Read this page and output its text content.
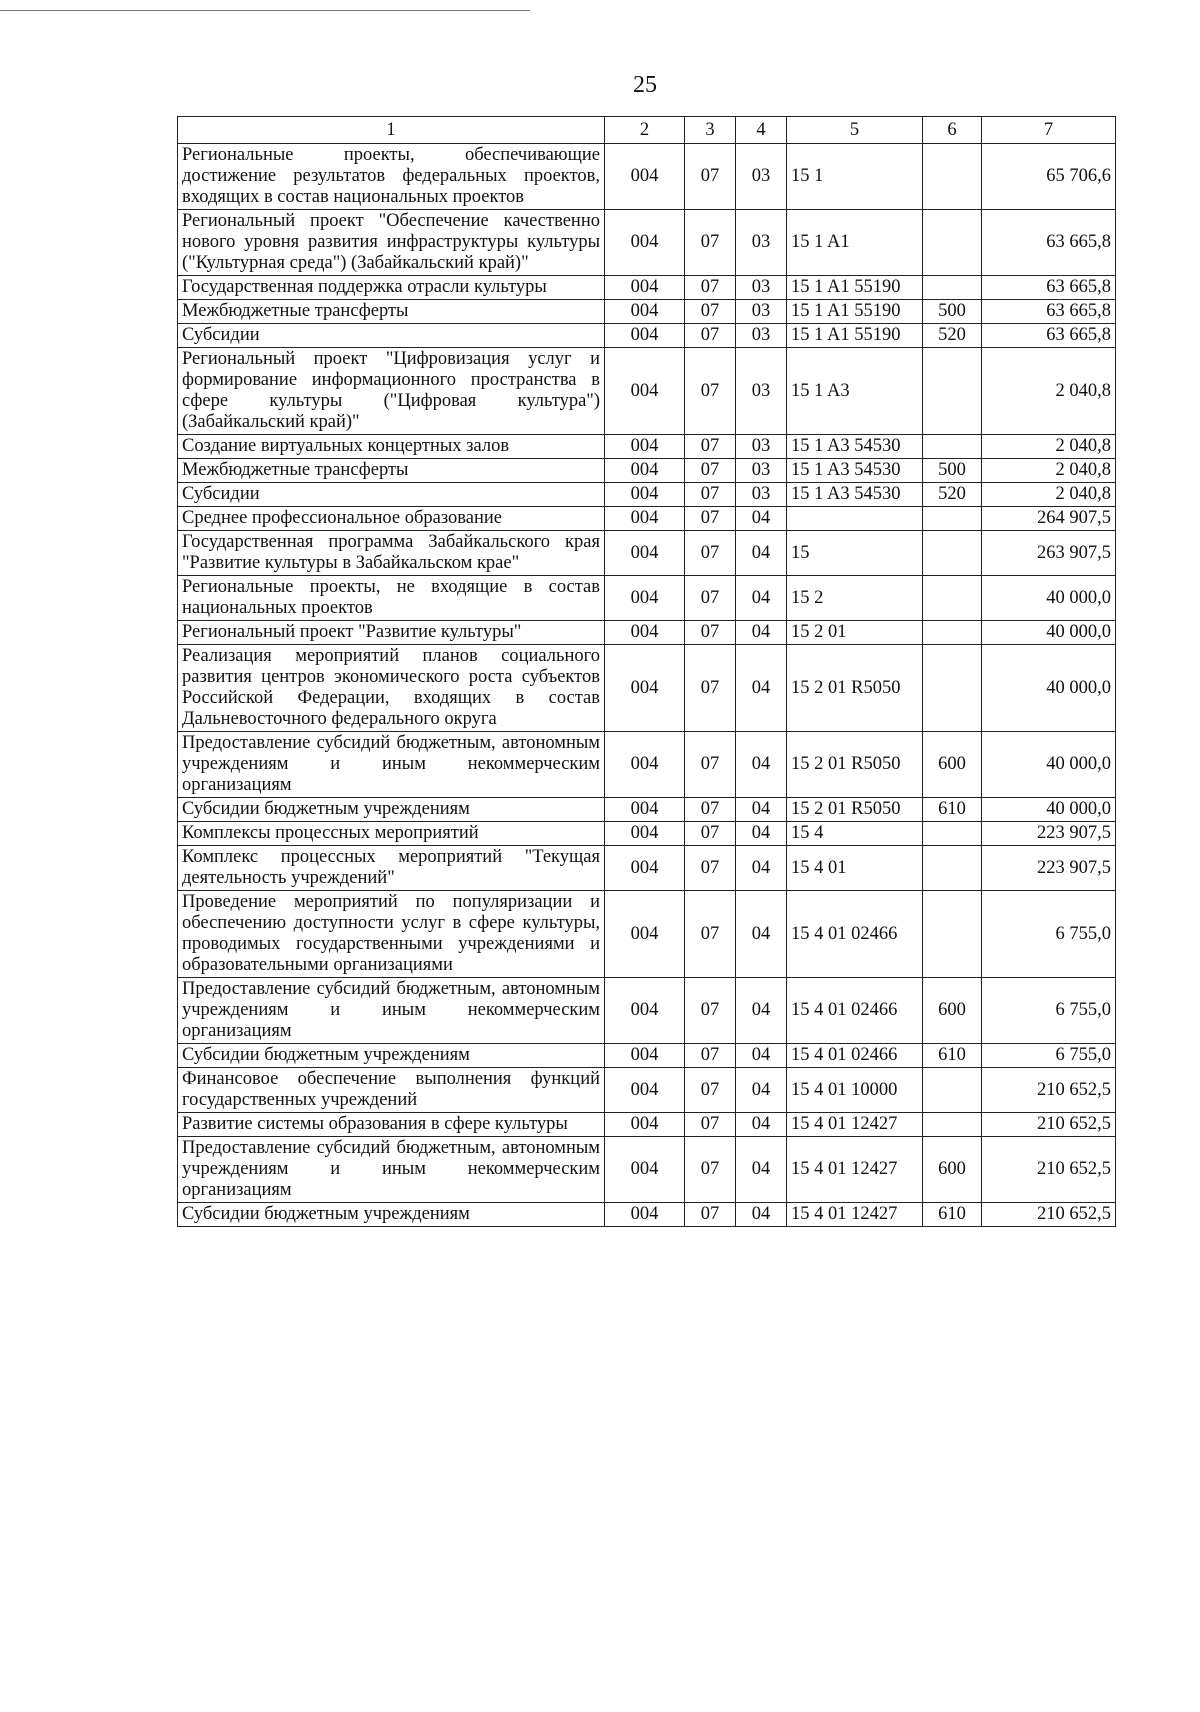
25
1	2	3	4	5	6	7
Региональные проекты, обеспечивающие достижение результатов федеральных проектов, входящих в состав национальных проектов	004	07	03	15 1		65 706,6
Региональный проект "Обеспечение качественно нового уровня развития инфраструктуры культуры ("Культурная среда") (Забайкальский край)"	004	07	03	15 1 A1		63 665,8
Государственная поддержка отрасли культуры	004	07	03	15 1 A1 55190		63 665,8
Межбюджетные трансферты	004	07	03	15 1 A1 55190	500	63 665,8
Субсидии	004	07	03	15 1 A1 55190	520	63 665,8
Региональный проект "Цифровизация услуг и формирование информационного пространства в сфере культуры ("Цифровая культура") (Забайкальский край)"	004	07	03	15 1 A3		2 040,8
Создание виртуальных концертных залов	004	07	03	15 1 A3 54530		2 040,8
Межбюджетные трансферты	004	07	03	15 1 A3 54530	500	2 040,8
Субсидии	004	07	03	15 1 A3 54530	520	2 040,8
Среднее профессиональное образование	004	07	04			264 907,5
Государственная программа Забайкальского края "Развитие культуры в Забайкальском крае"	004	07	04	15		263 907,5
Региональные проекты, не входящие в состав национальных проектов	004	07	04	15 2		40 000,0
Региональный проект "Развитие культуры"	004	07	04	15 2 01		40 000,0
Реализация мероприятий планов социального развития центров экономического роста субъектов Российской Федерации, входящих в состав Дальневосточного федерального округа	004	07	04	15 2 01 R5050		40 000,0
Предоставление субсидий бюджетным, автономным учреждениям и иным некоммерческим организациям	004	07	04	15 2 01 R5050	600	40 000,0
Субсидии бюджетным учреждениям	004	07	04	15 2 01 R5050	610	40 000,0
Комплексы процессных мероприятий	004	07	04	15 4		223 907,5
Комплекс процессных мероприятий "Текущая деятельность учреждений"	004	07	04	15 4 01		223 907,5
Проведение мероприятий по популяризации и обеспечению доступности услуг в сфере культуры, проводимых государственными учреждениями и образовательными организациями	004	07	04	15 4 01 02466		6 755,0
Предоставление субсидий бюджетным, автономным учреждениям и иным некоммерческим организациям	004	07	04	15 4 01 02466	600	6 755,0
Субсидии бюджетным учреждениям	004	07	04	15 4 01 02466	610	6 755,0
Финансовое обеспечение выполнения функций государственных учреждений	004	07	04	15 4 01 10000		210 652,5
Развитие системы образования в сфере культуры	004	07	04	15 4 01 12427		210 652,5
Предоставление субсидий бюджетным, автономным учреждениям и иным некоммерческим организациям	004	07	04	15 4 01 12427	600	210 652,5
Субсидии бюджетным учреждениям	004	07	04	15 4 01 12427	610	210 652,5
